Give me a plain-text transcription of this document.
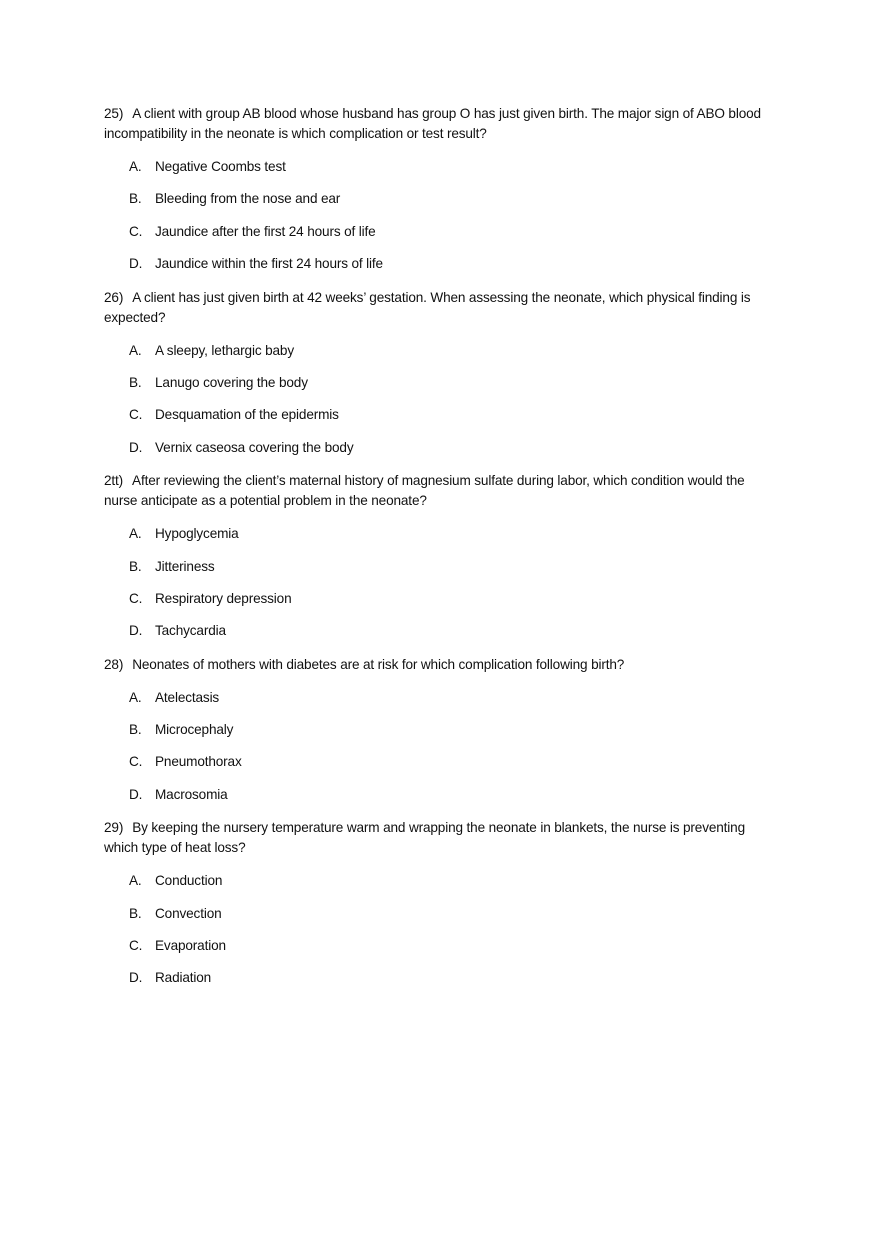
25) A client with group AB blood whose husband has group O has just given birth. The major sign of ABO blood incompatibility in the neonate is which complication or test result?

A. Negative Coombs test
B. Bleeding from the nose and ear
C. Jaundice after the first 24 hours of life
D. Jaundice within the first 24 hours of life

26) A client has just given birth at 42 weeks’ gestation. When assessing the neonate, which physical finding is expected?

A. A sleepy, lethargic baby
B. Lanugo covering the body
C. Desquamation of the epidermis
D. Vernix caseosa covering the body

2tt) After reviewing the client’s maternal history of magnesium sulfate during labor, which condition would the nurse anticipate as a potential problem in the neonate?

A. Hypoglycemia
B. Jitteriness
C. Respiratory depression
D. Tachycardia

28) Neonates of mothers with diabetes are at risk for which complication following birth?

A. Atelectasis
B. Microcephaly
C. Pneumothorax
D. Macrosomia

29) By keeping the nursery temperature warm and wrapping the neonate in blankets, the nurse is preventing which type of heat loss?

A. Conduction
B. Convection
C. Evaporation
D. Radiation
